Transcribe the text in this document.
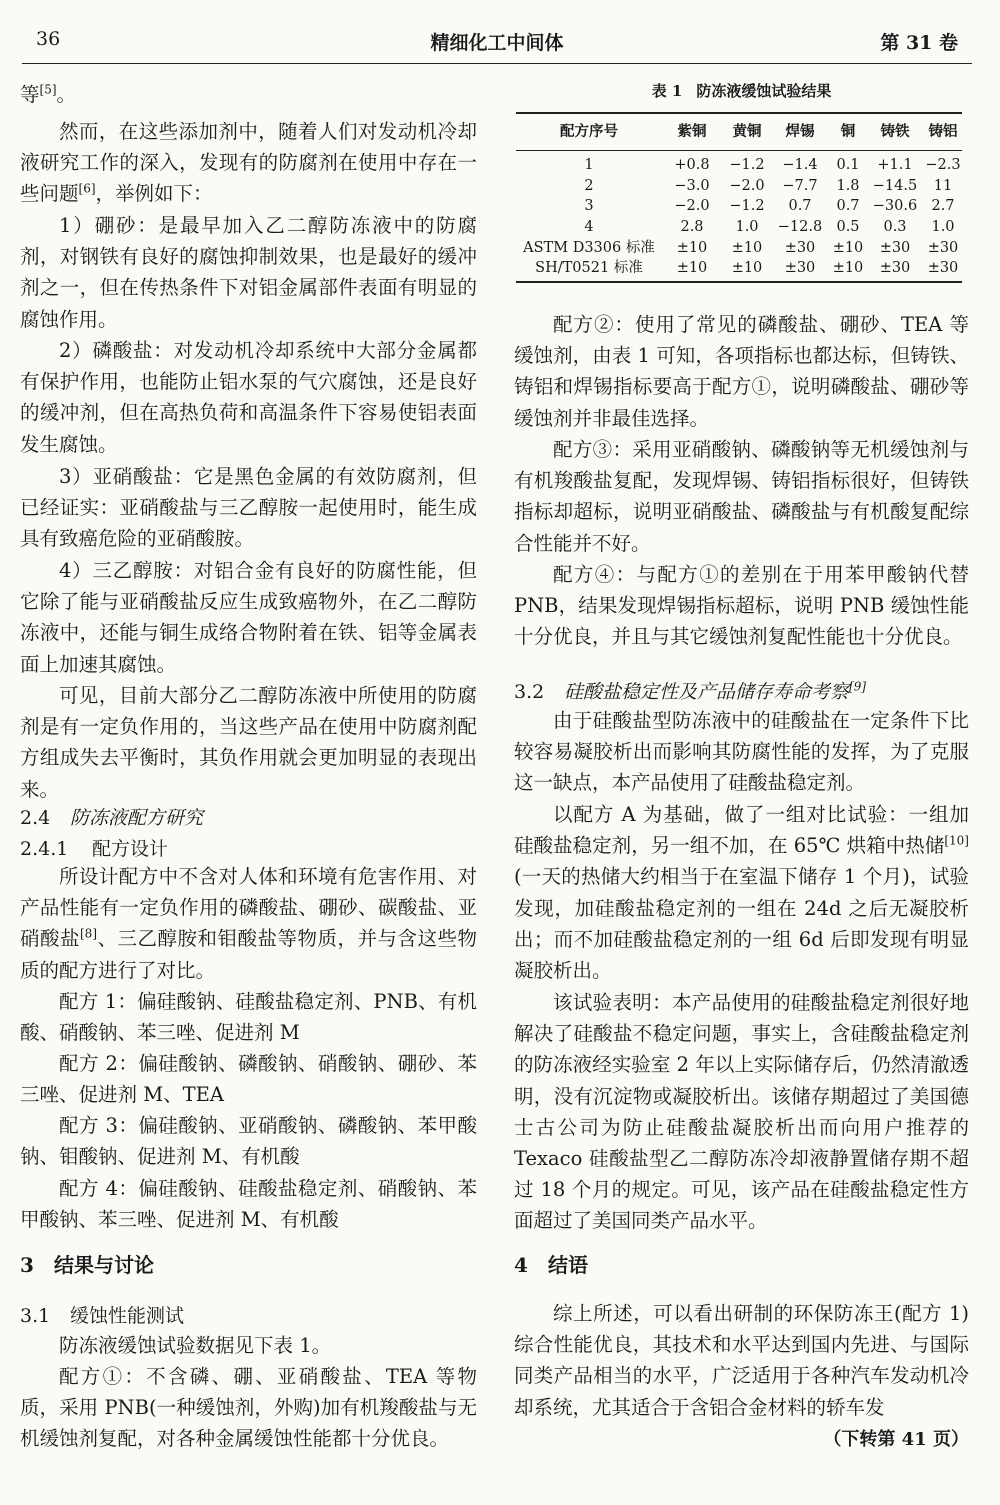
36	精细化工中间体	第 31 卷
等[5]。
然而，在这些添加剂中，随着人们对发动机冷却液研究工作的深入，发现有的防腐剂在使用中存在一些问题[6]，举例如下：
1）硼砂：是最早加入乙二醇防冻液中的防腐剂，对钢铁有良好的腐蚀抑制效果，也是最好的缓冲剂之一，但在传热条件下对铝金属部件表面有明显的腐蚀作用。
2）磷酸盐：对发动机冷却系统中大部分金属都有保护作用，也能防止铝水泵的气穴腐蚀，还是良好的缓冲剂，但在高热负荷和高温条件下容易使铝表面发生腐蚀。
3）亚硝酸盐：它是黑色金属的有效防腐剂，但已经证实：亚硝酸盐与三乙醇胺一起使用时，能生成具有致癌危险的亚硝酸胺。
4）三乙醇胺：对铝合金有良好的防腐性能，但它除了能与亚硝酸盐反应生成致癌物外，在乙二醇防冻液中，还能与铜生成络合物附着在铁、铝等金属表面上加速其腐蚀。
可见，目前大部分乙二醇防冻液中所使用的防腐剂是有一定负作用的，当这些产品在使用中防腐剂配方组成失去平衡时，其负作用就会更加明显的表现出来。
2.4 防冻液配方研究
2.4.1 配方设计
所设计配方中不含对人体和环境有危害作用、对产品性能有一定负作用的磷酸盐、硼砂、碳酸盐、亚硝酸盐[8]、三乙醇胺和钼酸盐等物质，并与含这些物质的配方进行了对比。
配方 1：偏硅酸钠、硅酸盐稳定剂、PNB、有机酸、硝酸钠、苯三唑、促进剂 M
配方 2：偏硅酸钠、磷酸钠、硝酸钠、硼砂、苯三唑、促进剂 M、TEA
配方 3：偏硅酸钠、亚硝酸钠、磷酸钠、苯甲酸钠、钼酸钠、促进剂 M、有机酸
配方 4：偏硅酸钠、硅酸盐稳定剂、硝酸钠、苯甲酸钠、苯三唑、促进剂 M、有机酸
3 结果与讨论
3.1 缓蚀性能测试
防冻液缓蚀试验数据见下表 1。
配方①：不含磷、硼、亚硝酸盐、TEA 等物质，采用 PNB(一种缓蚀剂，外购)加有机羧酸盐与无机缓蚀剂复配，对各种金属缓蚀性能都十分优良。
表 1 防冻液缓蚀试验结果
配方序号	紫铜	黄铜	焊锡	铜	铸铁	铸铝
1	+0.8	−1.2	−1.4	0.1	+1.1 −2.3
2	−3.0	−2.0	−7.7	1.8 −14.5	11
3	−2.0	−1.2	0.7	0.7 −30.6 2.7
4	2.8	1.0	−12.8 0.5	0.3	1.0
ASTM D3306 标准	±10	±10	±30	±10	±30	±30
SH/T0521 标准	±10	±10	±30	±10	±30	±30
配方②：使用了常见的磷酸盐、硼砂、TEA 等缓蚀剂，由表 1 可知，各项指标也都达标，但铸铁、铸铝和焊锡指标要高于配方①，说明磷酸盐、硼砂等缓蚀剂并非最佳选择。
配方③：采用亚硝酸钠、磷酸钠等无机缓蚀剂与有机羧酸盐复配，发现焊锡、铸铝指标很好，但铸铁指标却超标，说明亚硝酸盐、磷酸盐与有机酸复配综合性能并不好。
配方④：与配方①的差别在于用苯甲酸钠代替 PNB，结果发现焊锡指标超标，说明 PNB 缓蚀性能十分优良，并且与其它缓蚀剂复配性能也十分优良。
3.2 硅酸盐稳定性及产品储存寿命考察[9]
由于硅酸盐型防冻液中的硅酸盐在一定条件下比较容易凝胶析出而影响其防腐性能的发挥，为了克服这一缺点，本产品使用了硅酸盐稳定剂。
以配方 A 为基础，做了一组对比试验：一组加硅酸盐稳定剂，另一组不加，在 65℃ 烘箱中热储[10](一天的热储大约相当于在室温下储存 1 个月)，试验发现，加硅酸盐稳定剂的一组在 24d 之后无凝胶析出；而不加硅酸盐稳定剂的一组 6d 后即发现有明显凝胶析出。
该试验表明：本产品使用的硅酸盐稳定剂很好地解决了硅酸盐不稳定问题，事实上，含硅酸盐稳定剂的防冻液经实验室 2 年以上实际储存后，仍然清澈透明，没有沉淀物或凝胶析出。该储存期超过了美国德士古公司为防止硅酸盐凝胶析出而向用户推荐的 Texaco 硅酸盐型乙二醇防冻冷却液静置储存期不超过 18 个月的规定。可见，该产品在硅酸盐稳定性方面超过了美国同类产品水平。
4 结语
综上所述，可以看出研制的环保防冻王(配方 1)综合性能优良，其技术和水平达到国内先进、与国际同类产品相当的水平，广泛适用于各种汽车发动机冷却系统，尤其适合于含铝合金材料的轿车发
（下转第 41 页）
